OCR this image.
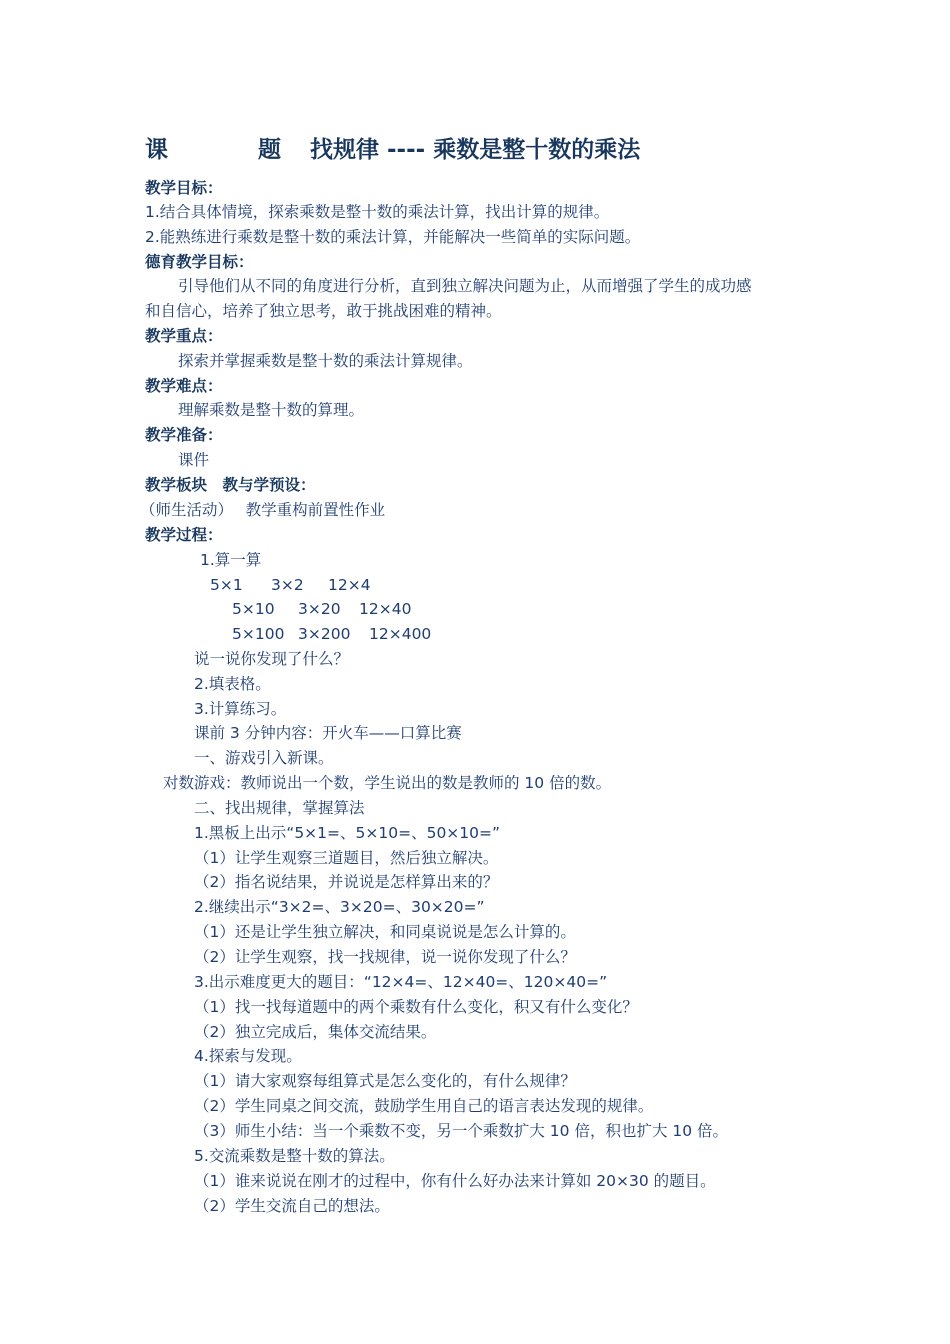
课	题 找规律 ---- 乘数是整十数的乘法
教学目标：
1.结合具体情境，探索乘数是整十数的乘法计算，找出计算的规律。
2.能熟练进行乘数是整十数的乘法计算，并能解决一些简单的实际问题。
德育教学目标：
引导他们从不同的角度进行分析，直到独立解决问题为止，从而增强了学生的成功感
和自信心，培养了独立思考，敢于挑战困难的精神。
教学重点：
探索并掌握乘数是整十数的乘法计算规律。
教学难点：
理解乘数是整十数的算理。
教学准备：
课件
教学板块　教与学预设：
（师生活动）　 教学重构前置性作业
教学过程：
1.算一算
5×1 3×2 12×4
5×10 3×20 12×40
5×100 3×200 12×400
说一说你发现了什么？
2.填表格。
3.计算练习。
课前 3 分钟内容：开火车——口算比赛
一、游戏引入新课。
对数游戏：教师说出一个数，学生说出的数是教师的 10 倍的数。
二、找出规律，掌握算法
1.黑板上出示“5×1=、5×10=、50×10=”
（1）让学生观察三道题目，然后独立解决。
（2）指名说结果，并说说是怎样算出来的？
2.继续出示“3×2=、3×20=、30×20=”
（1）还是让学生独立解决，和同桌说说是怎么计算的。
（2）让学生观察，找一找规律，说一说你发现了什么？
3.出示难度更大的题目：“12×4=、12×40=、120×40=”
（1）找一找每道题中的两个乘数有什么变化，积又有什么变化？
（2）独立完成后，集体交流结果。
4.探索与发现。
（1）请大家观察每组算式是怎么变化的，有什么规律？
（2）学生同桌之间交流，鼓励学生用自己的语言表达发现的规律。
（3）师生小结：当一个乘数不变，另一个乘数扩大 10 倍，积也扩大 10 倍。
5.交流乘数是整十数的算法。
（1）谁来说说在刚才的过程中，你有什么好办法来计算如 20×30 的题目。
（2）学生交流自己的想法。
